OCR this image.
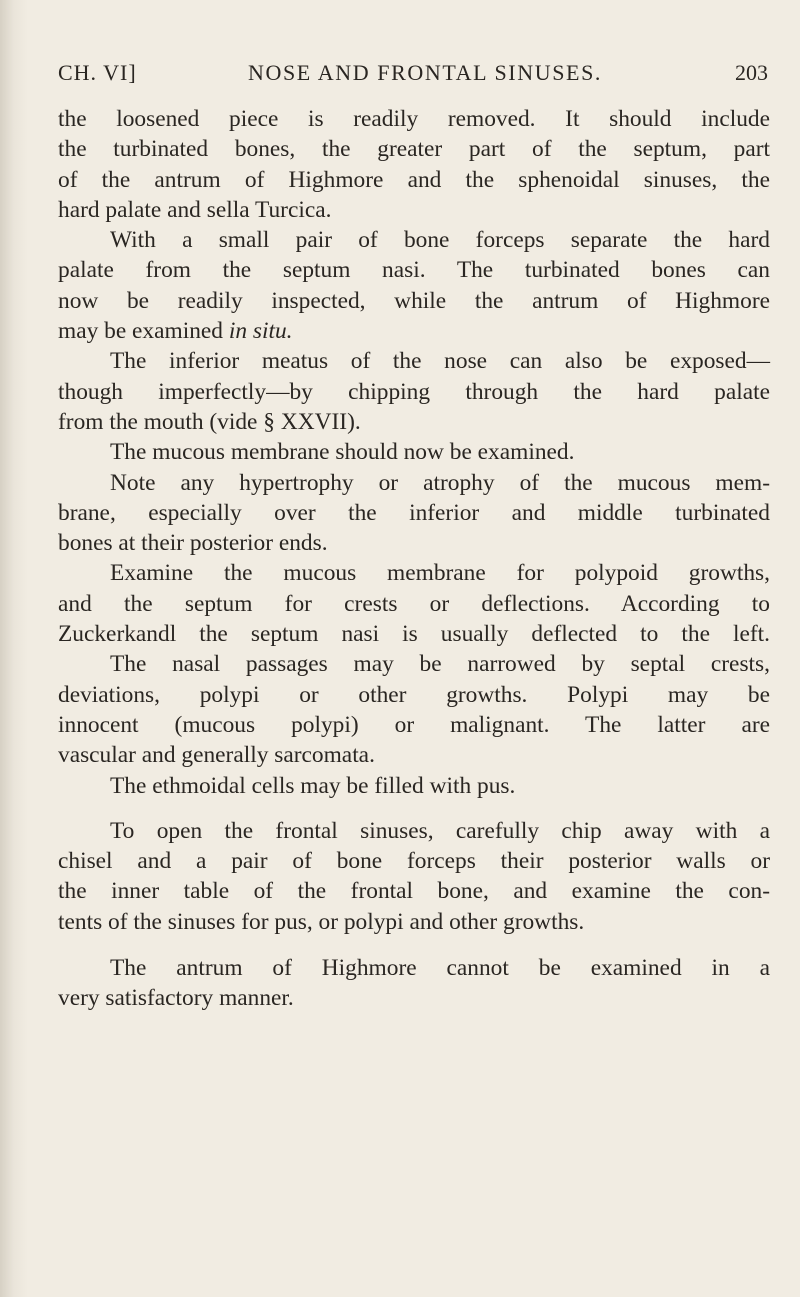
CH. VI]	NOSE AND FRONTAL SINUSES.	203

the loosened piece is readily removed. It should include
the turbinated bones, the greater part of the septum, part
of the antrum of Highmore and the sphenoidal sinuses, the
hard palate and sella Turcica.

With a small pair of bone forceps separate the hard
palate from the septum nasi. The turbinated bones can
now be readily inspected, while the antrum of Highmore
may be examined in situ.

The inferior meatus of the nose can also be exposed—
though imperfectly—by chipping through the hard palate
from the mouth (vide § XXVII).

The mucous membrane should now be examined.

Note any hypertrophy or atrophy of the mucous mem-
brane, especially over the inferior and middle turbinated
bones at their posterior ends.

Examine the mucous membrane for polypoid growths,
and the septum for crests or deflections. According to
Zuckerkandl the septum nasi is usually deflected to the left.

The nasal passages may be narrowed by septal crests,
deviations, polypi or other growths. Polypi may be
innocent (mucous polypi) or malignant. The latter are
vascular and generally sarcomata.

The ethmoidal cells may be filled with pus.

To open the frontal sinuses, carefully chip away with a
chisel and a pair of bone forceps their posterior walls or
the inner table of the frontal bone, and examine the con-
tents of the sinuses for pus, or polypi and other growths.

The antrum of Highmore cannot be examined in a
very satisfactory manner.
